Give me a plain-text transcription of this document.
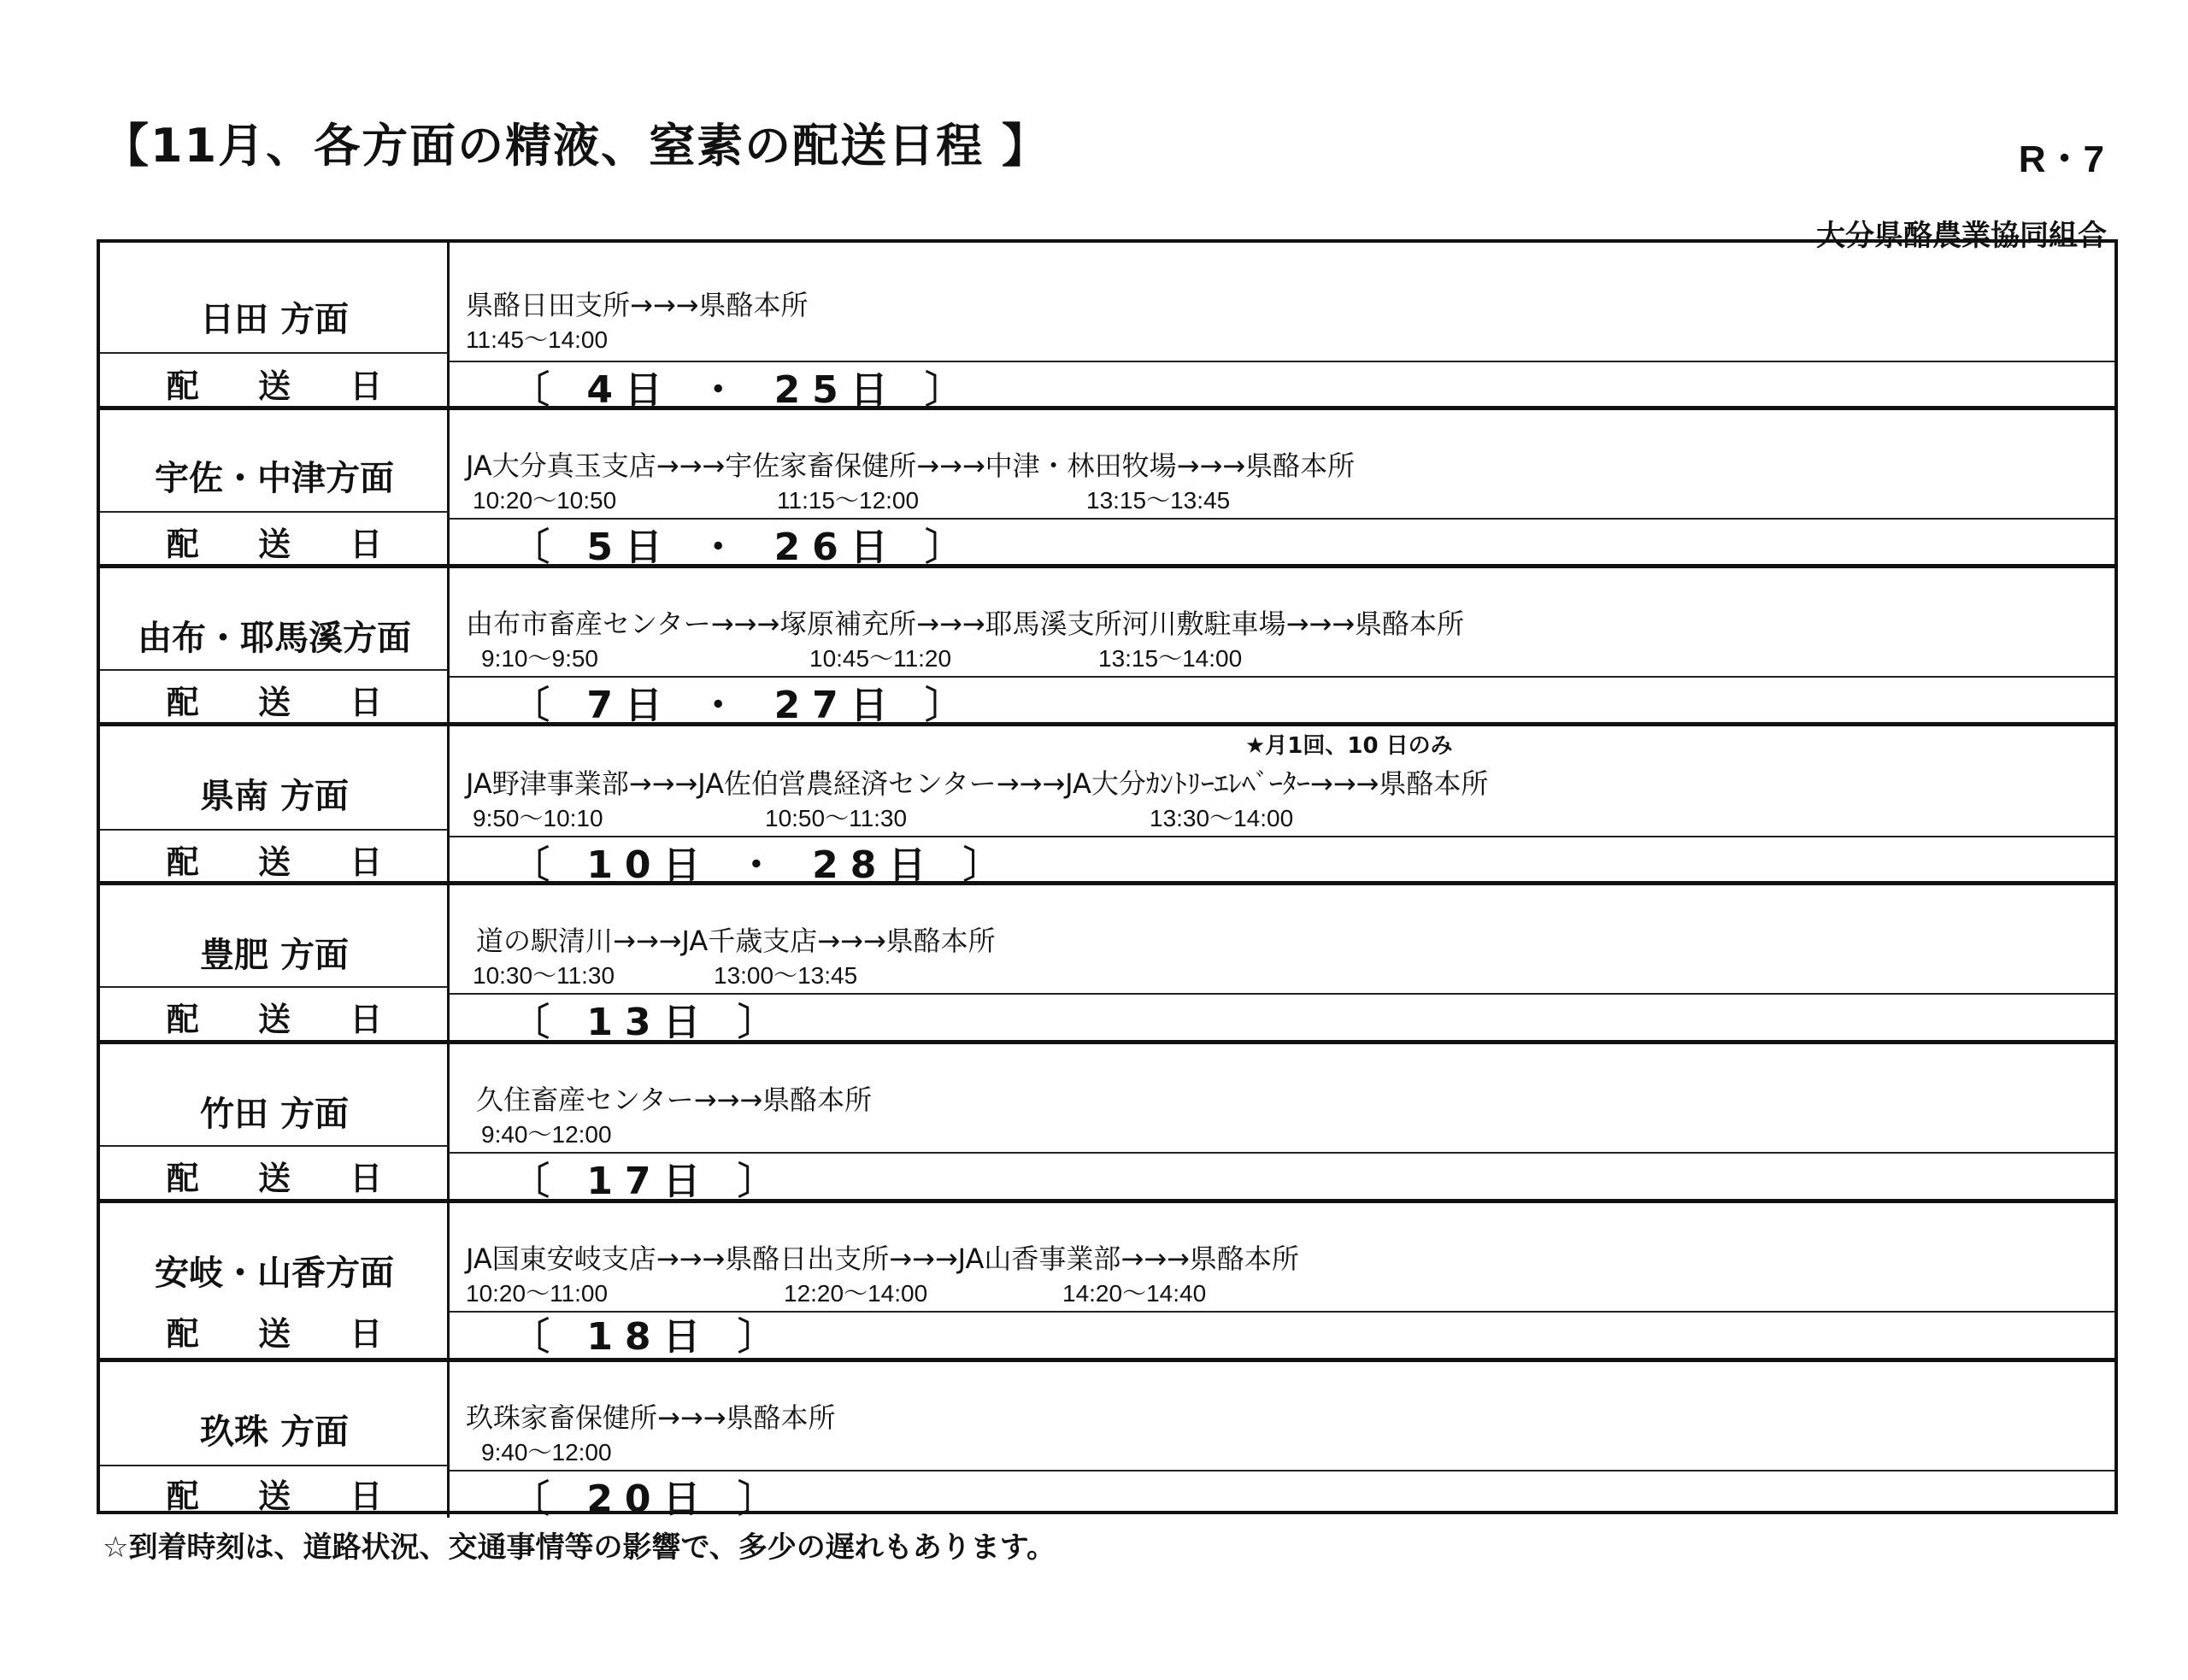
【11月、各方面の精液、窒素の配送日程 】	R・7
大分県酪農業協同組合
日田 方面	県酪日田支所→→→県酪本所
11:45～14:00
配 送 日	〔 4日 ・ 25日 〕
宇佐・中津方面	JA大分真玉支店→→→宇佐家畜保健所→→→中津・林田牧場→→→県酪本所
10:20～10:50	11:15～12:00	13:15～13:45
配 送 日	〔 5日 ・ 26日 〕
由布・耶馬溪方面	由布市畜産センター→→→塚原補充所→→→耶馬溪支所河川敷駐車場→→→県酪本所
9:10～9:50	10:45～11:20	13:15～14:00
配 送 日	〔 7日 ・ 27日 〕
★月1回、10 日のみ
県南 方面	JA野津事業部→→→JA佐伯営農経済センター→→→JA大分ｶﾝﾄﾘｰｴﾚﾍﾞｰﾀｰ→→→県酪本所
9:50～10:10	10:50～11:30	13:30～14:00
配 送 日	〔 10日 ・ 28日 〕
豊肥 方面	道の駅清川→→→JA千歳支店→→→県酪本所
10:30～11:30	13:00～13:45
配 送 日	〔 13日 〕
竹田 方面	久住畜産センター→→→県酪本所
9:40～12:00
配 送 日	〔 17日 〕
安岐・山香方面	JA国東安岐支店→→→県酪日出支所→→→JA山香事業部→→→県酪本所
10:20～11:00	12:20～14:00	14:20～14:40
配 送 日	〔 18日 〕
玖珠 方面	玖珠家畜保健所→→→県酪本所
9:40～12:00
配 送 日	〔 20日 〕
☆到着時刻は、道路状況、交通事情等の影響で、多少の遅れもあります。
